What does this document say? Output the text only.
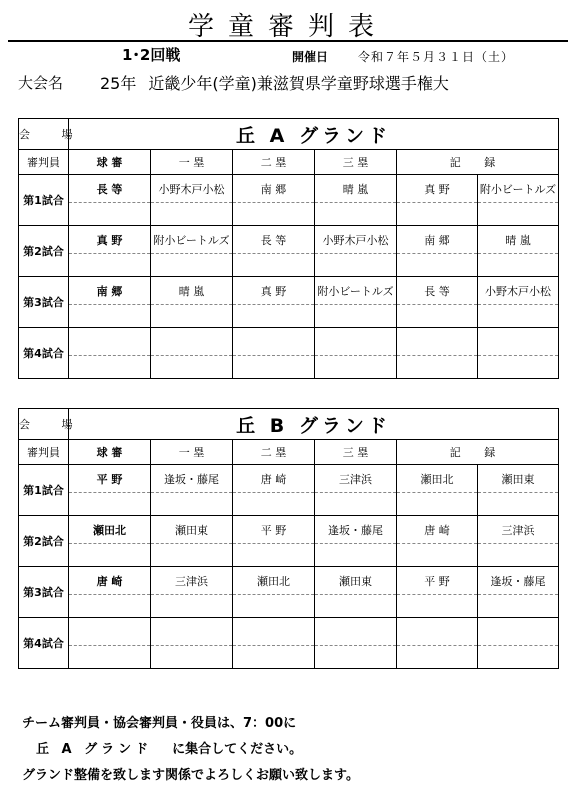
学童審判表
1･2回戦	開催日 令和７年５月３１日（土）
大会名 25年 近畿少年(学童)兼滋賀県学童野球選手権大
会 場	丘 A グランド					
審判員	球 審	一 塁	二 塁	三 塁	記 録	
第1試合	長 等	小野木戸小松	南 郷	晴 嵐	真 野	附小ビートルズ

第2試合	真 野	附小ビートルズ	長 等	小野木戸小松	南 郷	晴 嵐

第3試合	南 郷	晴 嵐	真 野	附小ビートルズ	長 等	小野木戸小松

第4試合						

会 場	丘 B グランド					
審判員	球 審	一 塁	二 塁	三 塁	記 録	
第1試合	平 野	逢坂・藤尾	唐 崎	三津浜	瀬田北	瀬田東

第2試合	瀬田北	瀬田東	平 野	逢坂・藤尾	唐 崎	三津浜

第3試合	唐 崎	三津浜	瀬田北	瀬田東	平 野	逢坂・藤尾

第4試合						

チーム審判員・協会審判員・役員は、7：00に
丘 A グランド に集合してください。
グランド整備を致します関係でよろしくお願い致します。
